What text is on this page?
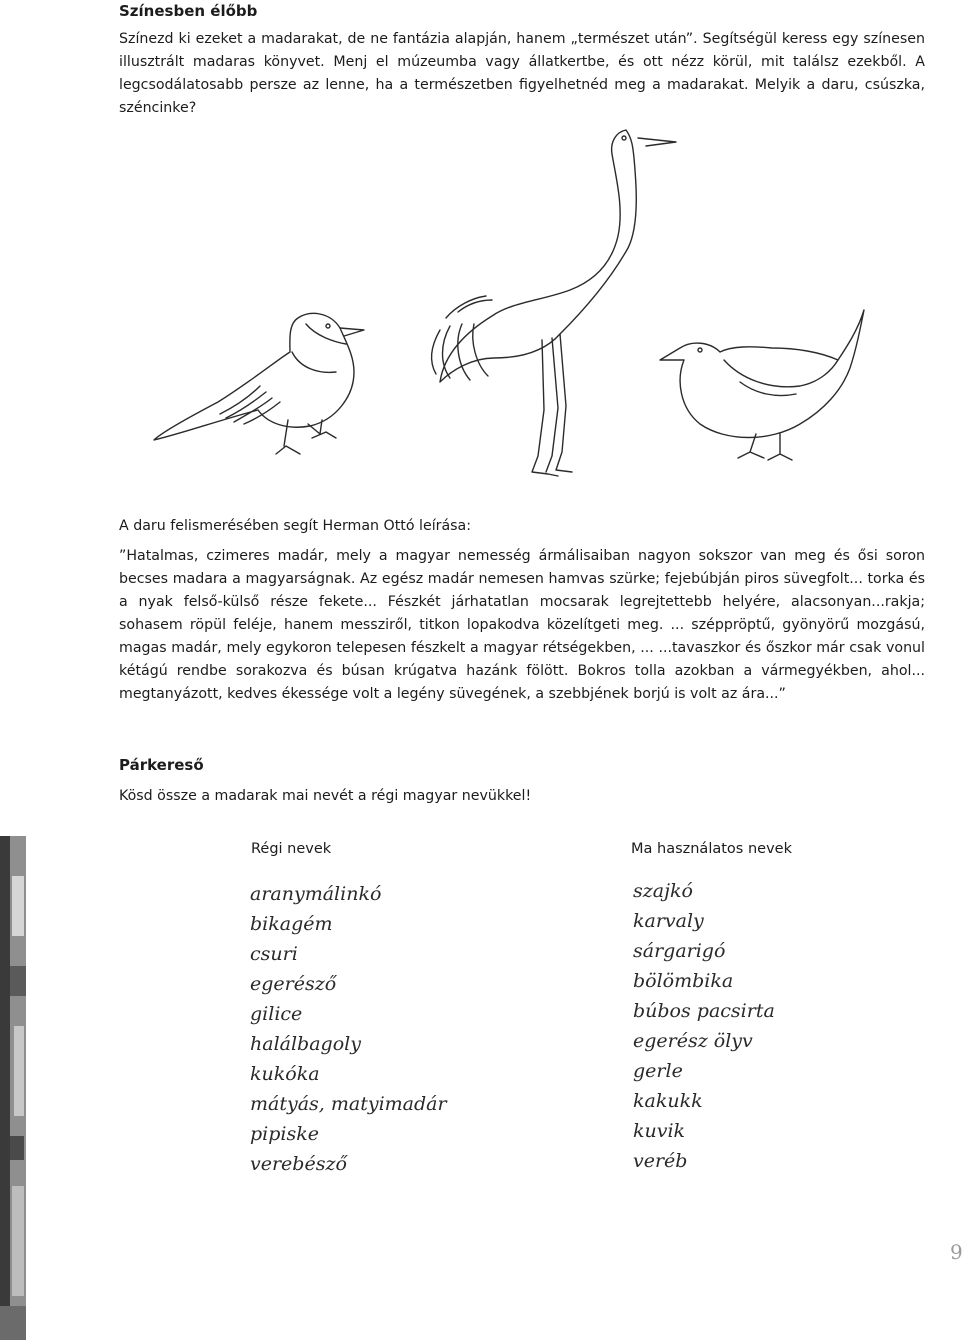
Színesben élőbb

Színezd ki ezeket a madarakat, de ne fantázia alapján, hanem „természet után”. Segítségül keress egy színesen illusztrált madaras könyvet. Menj el múzeumba vagy állatkertbe, és ott nézz körül, mit találsz ezekből. A legcsodálatosabb persze az lenne, ha a természetben figyelhetnéd meg a madarakat. Melyik a daru, csúszka, széncinke?

A daru felismerésében segít Herman Ottó leírása:

”Hatalmas, czimeres madár, mely a magyar nemesség ármálisaiban nagyon sokszor van meg és ősi soron becses madara a magyarságnak. Az egész madár nemesen hamvas szürke; fejebúbján piros süvegfolt... torka és a nyak felső-külső része fekete... Fészkét járhatatlan mocsarak legrejtettebb helyére, alacsonyan...rakja; sohasem röpül feléje, hanem messziről, titkon lopakodva közelítgeti meg. ... széppröptű, gyönyörű mozgású, magas madár, mely egykoron telepesen fészkelt a magyar rétségekben, ... ...tavaszkor és őszkor már csak vonul kétágú rendbe sorakozva és búsan krúgatva hazánk fölött. Bokros tolla azokban a vármegyékben, ahol... megtanyázott, kedves ékessége volt a legény süvegének, a szebbjének borjú is volt az ára...”

Párkereső

Kösd össze a madarak mai nevét a régi magyar nevükkel!

Régi nevek	Ma használatos nevek

aranymálinkó
bikagém
csuri
egerésző
gilice
halálbagoly
kukóka
mátyás, matyimadár
pipiske
verebésző
szajkó
karvaly
sárgarigó
bölömbika
búbos pacsirta
egerész ölyv
gerle
kakukk
kuvik
veréb
9
